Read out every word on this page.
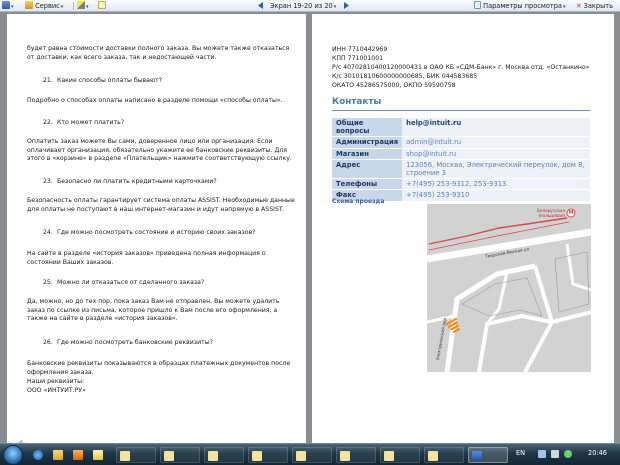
▾	Сервис▾	▾	Экран 19-20 из 20▾	Параметры просмотра▾ ✕ Закрыть
будет равна стоимости доставки полного заказа. Вы можете также отказаться от доставки, как всего заказа, так и недостающей части.
21. Какие способы оплаты бывают?
Подробно о способах оплаты написано в разделе помощи «способы оплаты».
22. Кто может платить?
Оплатить заказ можете Вы сами, доверенное лицо или организация. Если оплачивает организация, обязательно укажите ее банковские реквизиты. Для этого в «корзине» в разделе «Плательщик» нажмите соответствующую ссылку.
23. Безопасно ли платить кредитными карточками?
Безопасность оплаты гарантирует система оплаты ASSIST. Необходимые данные для оплаты не поступают в наш интернет-магазин и идут напрямую в ASSIST.
24. Где можно посмотреть состояние и историю своих заказов?
На сайте в разделе «история заказов» приведена полная информация о состоянии Ваших заказов.
25. Можно ли отказаться от сделанного заказа?
Да, можно, но до тех пор, пока заказ Вам не отправлен. Вы можете удалить заказ по ссылке из письма, которое пришло к Вам после его оформления, а также на сайте в разделе «история заказов».
26. Где можно посмотреть банковские реквизиты?
Банковские реквизиты показываются в образцах платежных документов после оформления заказа.
Наши реквизиты:
ООО «ИНТУИТ.РУ»
ИНН 7710442969
КПП 771001001
Р/с 40702810400120000431 в ОАО КБ «СДМ-Банк» г. Москва отд. «Останкино»
К/с 30101810600000000685, БИК 044583685
ОКАТО 45286575000, ОКПО 59590758
Контакты
Общие вопросы	help@intuit.ru
Администрация	admin@intuit.ru
Магазин	shop@intuit.ru
Адрес	123056, Москва, Электрический переулок, дом 8, строение 3
Телефоны	+7(495) 253-9312, 253-9313
Факс	+7(495) 253-9310
Схема проезда
М
Белорусская (кольцевая)
Тверская-Ямская ул.
Электрический пер.
EN	20:46
